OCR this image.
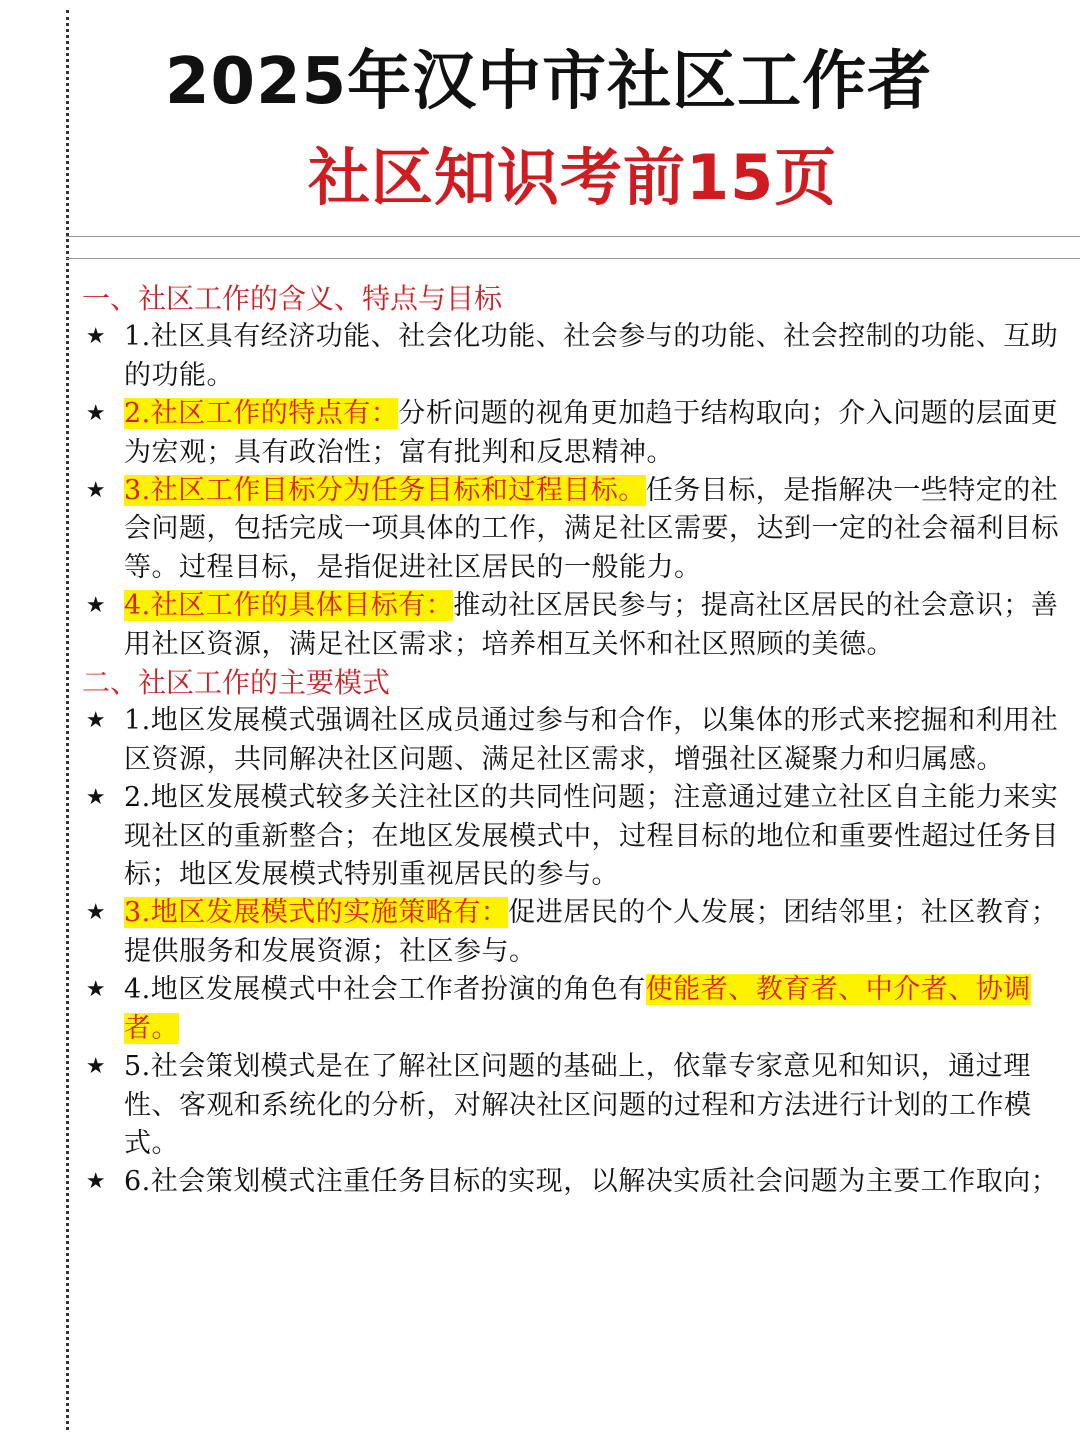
2025年汉中市社区工作者
社区知识考前15页
一、社区工作的含义、特点与目标
★ 1.社区具有经济功能、社会化功能、社会参与的功能、社会控制的功能、互助的功能。
★ 2.社区工作的特点有：分析问题的视角更加趋于结构取向；介入问题的层面更为宏观；具有政治性；富有批判和反思精神。
★ 3.社区工作目标分为任务目标和过程目标。任务目标，是指解决一些特定的社会问题，包括完成一项具体的工作，满足社区需要，达到一定的社会福利目标等。过程目标，是指促进社区居民的一般能力。
★ 4.社区工作的具体目标有：推动社区居民参与；提高社区居民的社会意识；善用社区资源，满足社区需求；培养相互关怀和社区照顾的美德。
二、社区工作的主要模式
★ 1.地区发展模式强调社区成员通过参与和合作，以集体的形式来挖掘和利用社区资源，共同解决社区问题、满足社区需求，增强社区凝聚力和归属感。
★ 2.地区发展模式较多关注社区的共同性问题；注意通过建立社区自主能力来实现社区的重新整合；在地区发展模式中，过程目标的地位和重要性超过任务目标；地区发展模式特别重视居民的参与。
★ 3.地区发展模式的实施策略有：促进居民的个人发展；团结邻里；社区教育；提供服务和发展资源；社区参与。
★ 4.地区发展模式中社会工作者扮演的角色有使能者、教育者、中介者、协调者。
★ 5.社会策划模式是在了解社区问题的基础上，依靠专家意见和知识，通过理性、客观和系统化的分析，对解决社区问题的过程和方法进行计划的工作模式。
★ 6.社会策划模式注重任务目标的实现，以解决实质社会问题为主要工作取向；
